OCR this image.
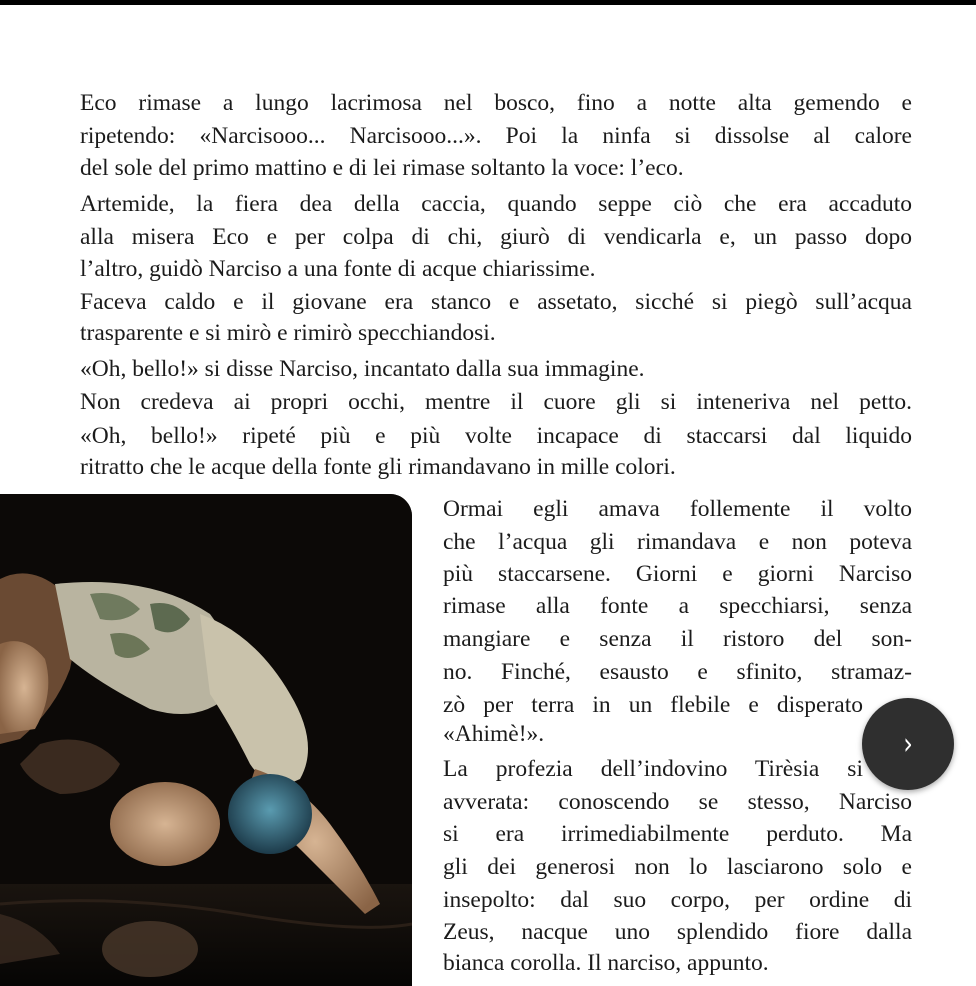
Eco rimase a lungo lacrimosa nel bosco, fino a notte alta gemendo e
ripetendo: «Narcisooo... Narcisooo...». Poi la ninfa si dissolse al calore
del sole del primo mattino e di lei rimase soltanto la voce: l’eco.
Artemide, la fiera dea della caccia, quando seppe ciò che era accaduto
alla misera Eco e per colpa di chi, giurò di vendicarla e, un passo dopo
l’altro, guidò Narciso a una fonte di acque chiarissime.
Faceva caldo e il giovane era stanco e assetato, sicché si piegò sull’acqua
trasparente e si mirò e rimirò specchiandosi.
«Oh, bello!» si disse Narciso, incantato dalla sua immagine.
Non credeva ai propri occhi, mentre il cuore gli si inteneriva nel petto.
«Oh, bello!» ripeté più e più volte incapace di staccarsi dal liquido
ritratto che le acque della fonte gli rimandavano in mille colori.
Ormai egli amava follemente il volto
che l’acqua gli rimandava e non poteva
più staccarsene. Giorni e giorni Narciso
rimase alla fonte a specchiarsi, senza
mangiare e senza il ristoro del son-
no. Finché, esausto e sfinito, stramaz-
zò per terra in un flebile e disperato
«Ahimè!».
La profezia dell’indovino Tirèsia si
avverata: conoscendo se stesso, Narciso
si era irrimediabilmente perduto. Ma
gli dei generosi non lo lasciarono solo e
insepolto: dal suo corpo, per ordine di
Zeus, nacque uno splendido fiore dalla
bianca corolla. Il narciso, appunto.
›
